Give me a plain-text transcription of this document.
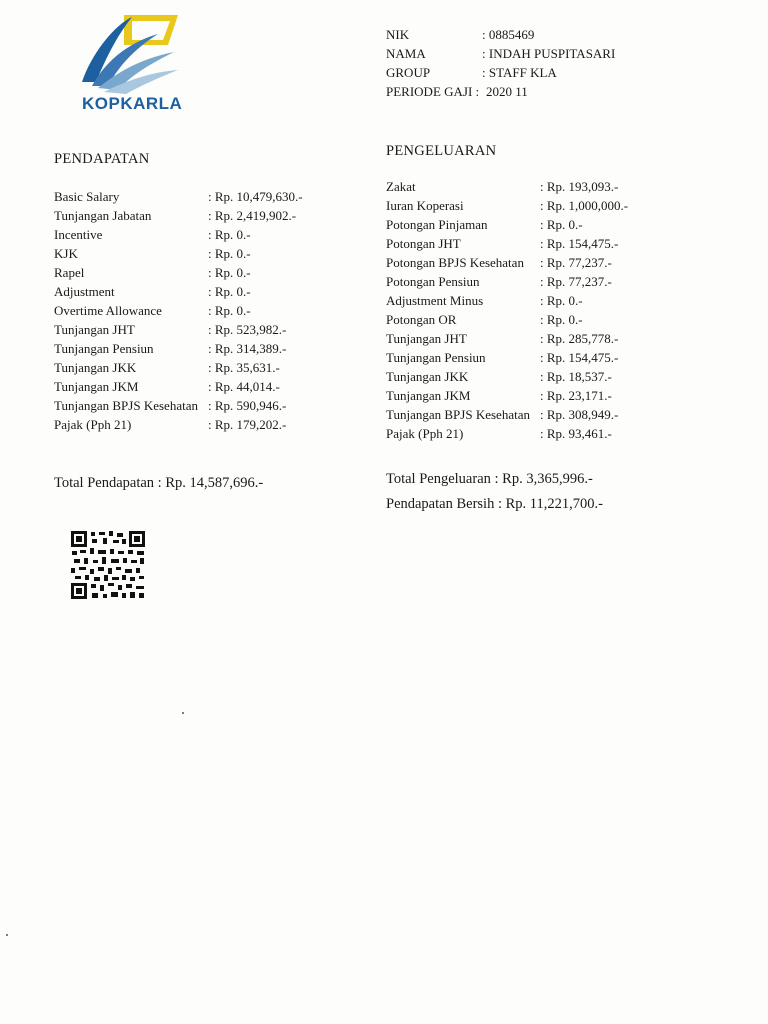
KOPKARLA
NIK	: 0885469
NAMA	: INDAH PUSPITASARI
GROUP	: STAFF KLA
PERIODE GAJI : 2020 11
PENDAPATAN
Basic Salary	: Rp. 10,479,630.-
Tunjangan Jabatan	: Rp. 2,419,902.-
Incentive	: Rp. 0.-
KJK	: Rp. 0.-
Rapel	: Rp. 0.-
Adjustment	: Rp. 0.-
Overtime Allowance	: Rp. 0.-
Tunjangan JHT	: Rp. 523,982.-
Tunjangan Pensiun	: Rp. 314,389.-
Tunjangan JKK	: Rp. 35,631.-
Tunjangan JKM	: Rp. 44,014.-
Tunjangan BPJS Kesehatan : Rp. 590,946.-
Pajak (Pph 21)	: Rp. 179,202.-
Total Pendapatan : Rp. 14,587,696.-
PENGELUARAN
Zakat	: Rp. 193,093.-
Iuran Koperasi	: Rp. 1,000,000.-
Potongan Pinjaman	: Rp. 0.-
Potongan JHT	: Rp. 154,475.-
Potongan BPJS Kesehatan : Rp. 77,237.-
Potongan Pensiun	: Rp. 77,237.-
Adjustment Minus	: Rp. 0.-
Potongan OR	: Rp. 0.-
Tunjangan JHT	: Rp. 285,778.-
Tunjangan Pensiun	: Rp. 154,475.-
Tunjangan JKK	: Rp. 18,537.-
Tunjangan JKM	: Rp. 23,171.-
Tunjangan BPJS Kesehatan : Rp. 308,949.-
Pajak (Pph 21)	: Rp. 93,461.-
Total Pengeluaran : Rp. 3,365,996.-
Pendapatan Bersih : Rp. 11,221,700.-
